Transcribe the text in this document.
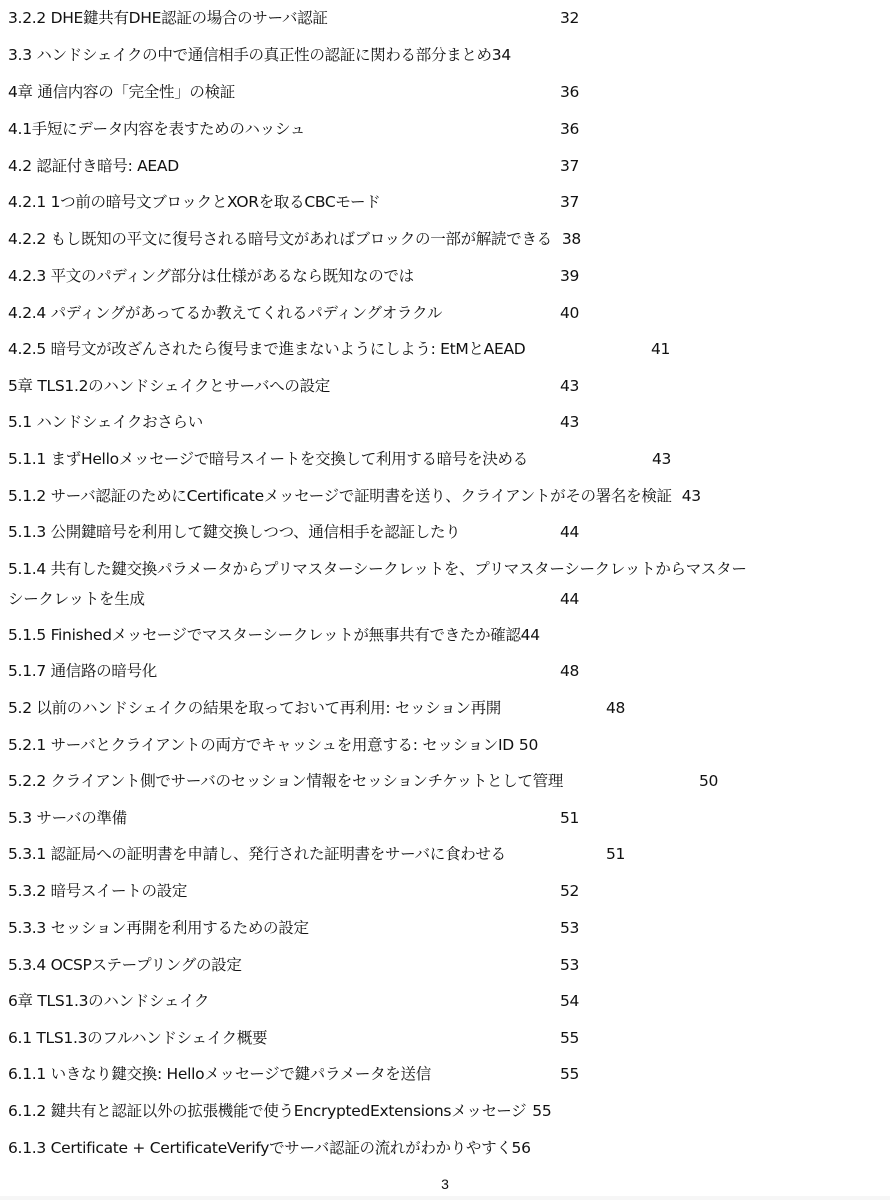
3.2.2 DHE鍵共有DHE認証の場合のサーバ認証	32
3.3 ハンドシェイクの中で通信相手の真正性の認証に関わる部分まとめ34
4章 通信内容の「完全性」の検証	36
4.1手短にデータ内容を表すためのハッシュ	36
4.2 認証付き暗号: AEAD	37
4.2.1 1つ前の暗号文ブロックとXORを取るCBCモード	37
4.2.2 もし既知の平文に復号される暗号文があればブロックの一部が解読できる 38
4.2.3 平文のパディング部分は仕様があるなら既知なのでは	39
4.2.4 パディングがあってるか教えてくれるパディングオラクル	40
4.2.5 暗号文が改ざんされたら復号まで進まないようにしよう: EtMとAEAD	41
5章 TLS1.2のハンドシェイクとサーバへの設定	43
5.1 ハンドシェイクおさらい	43
5.1.1 まずHelloメッセージで暗号スイートを交換して利用する暗号を決める	43
5.1.2 サーバ認証のためにCertificateメッセージで証明書を送り、クライアントがその署名を検証 43
5.1.3 公開鍵暗号を利用して鍵交換しつつ、通信相手を認証したり	44
5.1.4 共有した鍵交換パラメータからプリマスターシークレットを、プリマスターシークレットからマスター
シークレットを生成	44
5.1.5 Finishedメッセージでマスターシークレットが無事共有できたか確認44
5.1.7 通信路の暗号化	48
5.2 以前のハンドシェイクの結果を取っておいて再利用: セッション再開	48
5.2.1 サーバとクライアントの両方でキャッシュを用意する: セッションID 50
5.2.2 クライアント側でサーバのセッション情報をセッションチケットとして管理	50
5.3 サーバの準備	51
5.3.1 認証局への証明書を申請し、発行された証明書をサーバに食わせる	51
5.3.2 暗号スイートの設定	52
5.3.3 セッション再開を利用するための設定	53
5.3.4 OCSPステープリングの設定	53
6章 TLS1.3のハンドシェイク	54
6.1 TLS1.3のフルハンドシェイク概要	55
6.1.1 いきなり鍵交換: Helloメッセージで鍵パラメータを送信	55
6.1.2 鍵共有と認証以外の拡張機能で使うEncryptedExtensionsメッセージ 55
6.1.3 Certificate + CertificateVerifyでサーバ認証の流れがわかりやすく56
3
